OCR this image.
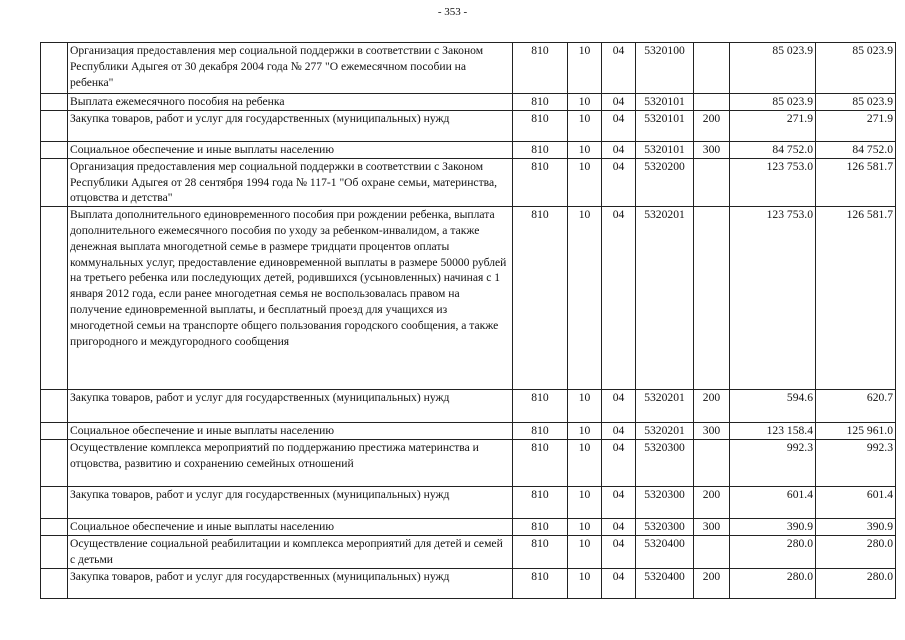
- 353 -
	Организация предоставления мер социальной поддержки в соответствии с Законом Республики Адыгея от 30 декабря 2004 года № 277 "О ежемесячном пособии на ребенка"	810	10	04	5320100		85 023.9	85 023.9
	Выплата ежемесячного пособия на ребенка	810	10	04	5320101		85 023.9	85 023.9
	Закупка товаров, работ и услуг для государственных (муниципальных) нужд	810	10	04	5320101	200	271.9	271.9
	Социальное обеспечение и иные выплаты населению	810	10	04	5320101	300	84 752.0	84 752.0
	Организация предоставления мер социальной поддержки в соответствии с Законом Республики Адыгея от 28 сентября 1994 года № 117-1 "Об охране семьи, материнства, отцовства и детства"	810	10	04	5320200		123 753.0	126 581.7
	Выплата дополнительного единовременного пособия при рождении ребенка, выплата дополнительного ежемесячного пособия по уходу за ребенком-инвалидом, а также денежная выплата многодетной семье в размере тридцати процентов оплаты коммунальных услуг, предоставление единовременной выплаты в размере 50000 рублей на третьего ребенка или последующих детей, родившихся (усыновленных) начиная с 1 января 2012 года, если ранее многодетная семья не воспользовалась правом на получение единовременной выплаты, и бесплатный проезд для учащихся из многодетной семьи на транспорте общего пользования городского сообщения, а также пригородного и междугородного сообщения	810	10	04	5320201		123 753.0	126 581.7
	Закупка товаров, работ и услуг для государственных (муниципальных) нужд	810	10	04	5320201	200	594.6	620.7
	Социальное обеспечение и иные выплаты населению	810	10	04	5320201	300	123 158.4	125 961.0
	Осуществление комплекса мероприятий по поддержанию престижа материнства и отцовства, развитию и сохранению семейных отношений	810	10	04	5320300		992.3	992.3
	Закупка товаров, работ и услуг для государственных (муниципальных) нужд	810	10	04	5320300	200	601.4	601.4
	Социальное обеспечение и иные выплаты населению	810	10	04	5320300	300	390.9	390.9
	Осуществление социальной реабилитации и комплекса мероприятий для детей и семей с детьми	810	10	04	5320400		280.0	280.0
	Закупка товаров, работ и услуг для государственных (муниципальных) нужд	810	10	04	5320400	200	280.0	280.0
